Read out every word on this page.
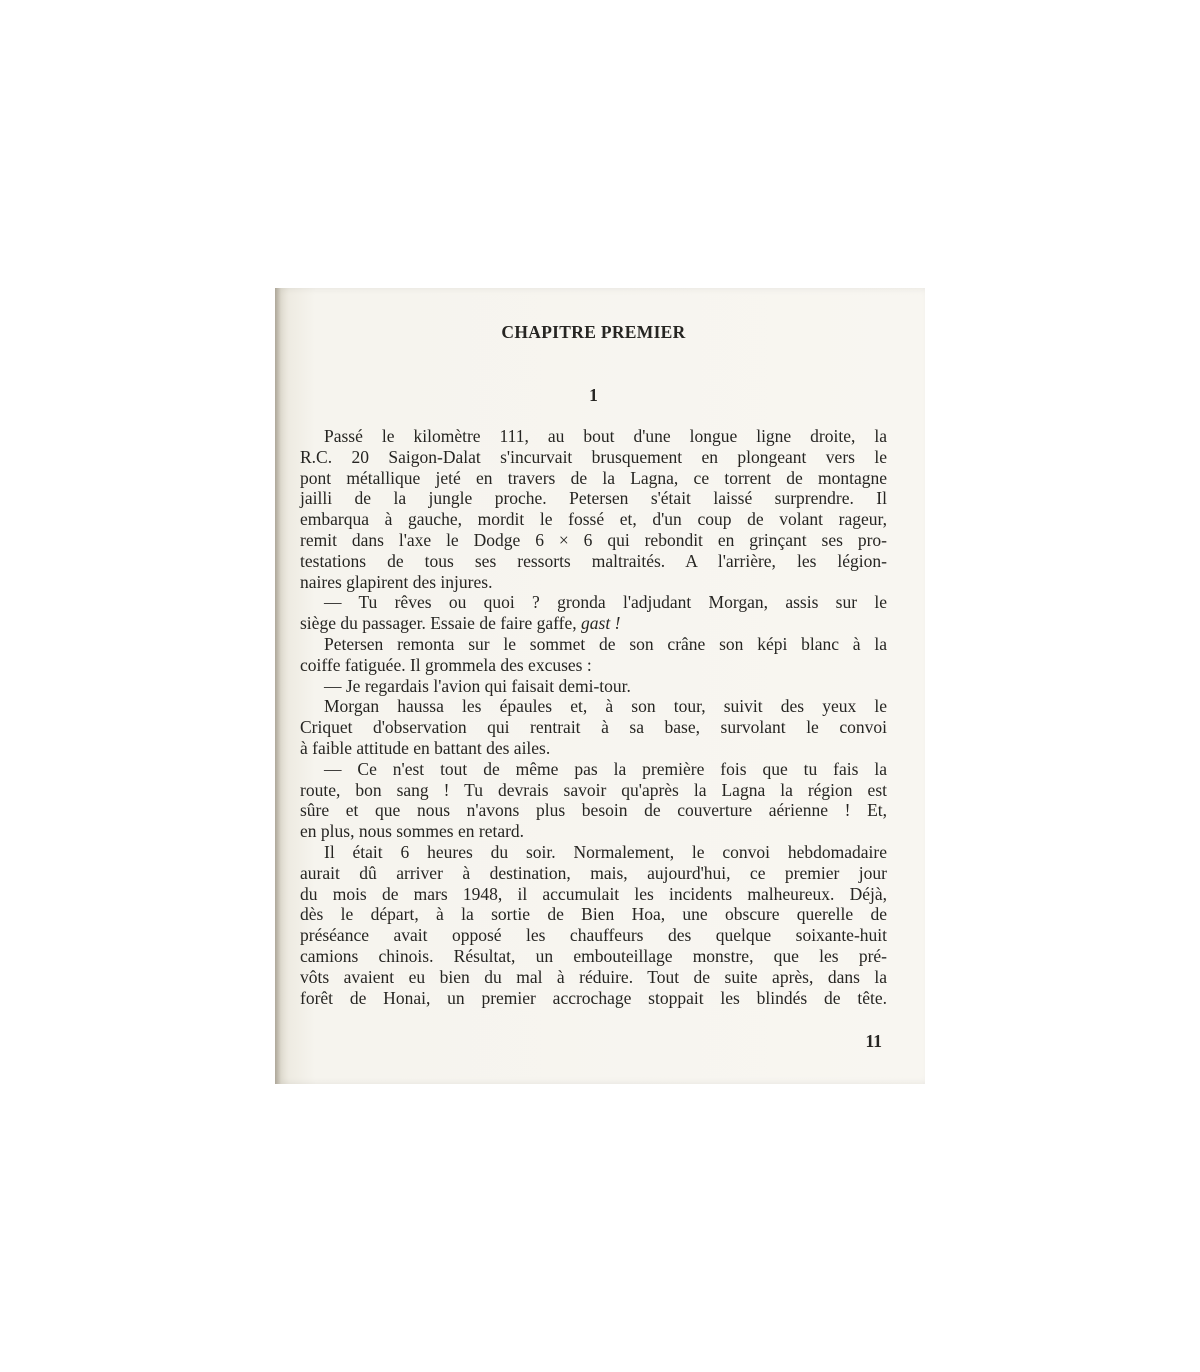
CHAPITRE PREMIER
1
Passé le kilomètre 111, au bout d'une longue ligne droite, la
R.C. 20 Saigon-Dalat s'incurvait brusquement en plongeant vers le
pont métallique jeté en travers de la Lagna, ce torrent de montagne
jailli de la jungle proche. Petersen s'était laissé surprendre. Il
embarqua à gauche, mordit le fossé et, d'un coup de volant rageur,
remit dans l'axe le Dodge 6 × 6 qui rebondit en grinçant ses pro-
testations de tous ses ressorts maltraités. A l'arrière, les légion-
naires glapirent des injures.
— Tu rêves ou quoi ? gronda l'adjudant Morgan, assis sur le
siège du passager. Essaie de faire gaffe, gast !
Petersen remonta sur le sommet de son crâne son képi blanc à la
coiffe fatiguée. Il grommela des excuses :
— Je regardais l'avion qui faisait demi-tour.
Morgan haussa les épaules et, à son tour, suivit des yeux le
Criquet d'observation qui rentrait à sa base, survolant le convoi
à faible attitude en battant des ailes.
— Ce n'est tout de même pas la première fois que tu fais la
route, bon sang ! Tu devrais savoir qu'après la Lagna la région est
sûre et que nous n'avons plus besoin de couverture aérienne ! Et,
en plus, nous sommes en retard.
Il était 6 heures du soir. Normalement, le convoi hebdomadaire
aurait dû arriver à destination, mais, aujourd'hui, ce premier jour
du mois de mars 1948, il accumulait les incidents malheureux. Déjà,
dès le départ, à la sortie de Bien Hoa, une obscure querelle de
préséance avait opposé les chauffeurs des quelque soixante-huit
camions chinois. Résultat, un embouteillage monstre, que les pré-
vôts avaient eu bien du mal à réduire. Tout de suite après, dans la
forêt de Honai, un premier accrochage stoppait les blindés de tête.

11
